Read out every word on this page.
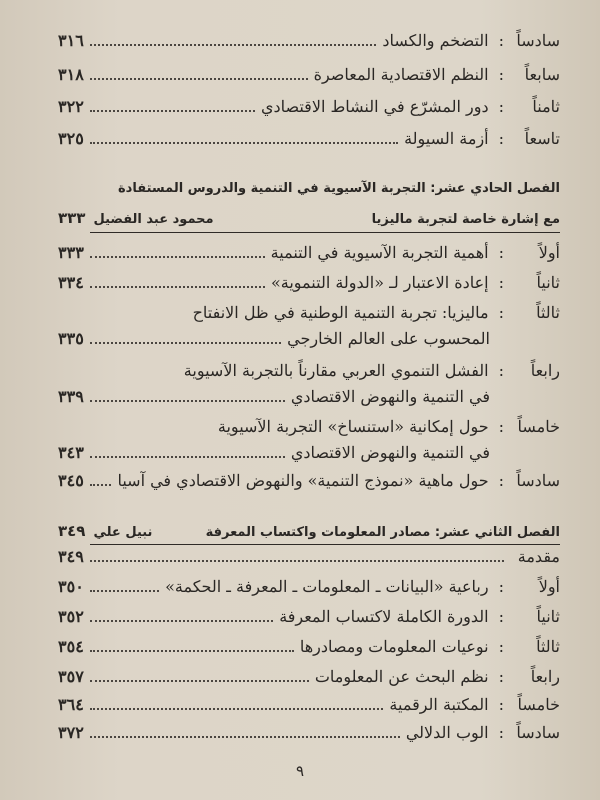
سادساً
:
التضخم والكساد
٣١٦
سابعاً
:
النظم الاقتصادية المعاصرة
٣١٨
ثامناً
:
دور المشرّع في النشاط الاقتصادي
٣٢٢
تاسعاً
:
أزمة السيولة
٣٢٥
الفصل الحادي عشر: التجربة الآسيوية في التنمية والدروس المستفادة
مع إشارة خاصة لتجربة ماليزيا
محمود عبد الفضيل
٣٣٣
أولاً
:
أهمية التجربة الآسيوية في التنمية
٣٣٣
ثانياً
:
إعادة الاعتبار لـ «الدولة التنموية»
٣٣٤
ثالثاً
:
ماليزيا: تجربة التنمية الوطنية في ظل الانفتاح
المحسوب على العالم الخارجي
٣٣٥
رابعاً
:
الفشل التنموي العربي مقارناً بالتجربة الآسيوية
في التنمية والنهوض الاقتصادي
٣٣٩
خامساً
:
حول إمكانية «استنساخ» التجربة الآسيوية
في التنمية والنهوض الاقتصادي
٣٤٣
سادساً
:
حول ماهية «نموذج التنمية» والنهوض الاقتصادي في آسيا
٣٤٥
الفصل الثاني عشر: مصادر المعلومات واكتساب المعرفة
نبيل علي
٣٤٩
مقدمة
٣٤٩
أولاً
:
رباعية «البيانات ـ المعلومات ـ المعرفة ـ الحكمة»
٣٥٠
ثانياً
:
الدورة الكاملة لاكتساب المعرفة
٣٥٢
ثالثاً
:
نوعيات المعلومات ومصادرها
٣٥٤
رابعاً
:
نظم البحث عن المعلومات
٣٥٧
خامساً
:
المكتبة الرقمية
٣٦٤
سادساً
:
الوب الدلالي
٣٧٢
٩
